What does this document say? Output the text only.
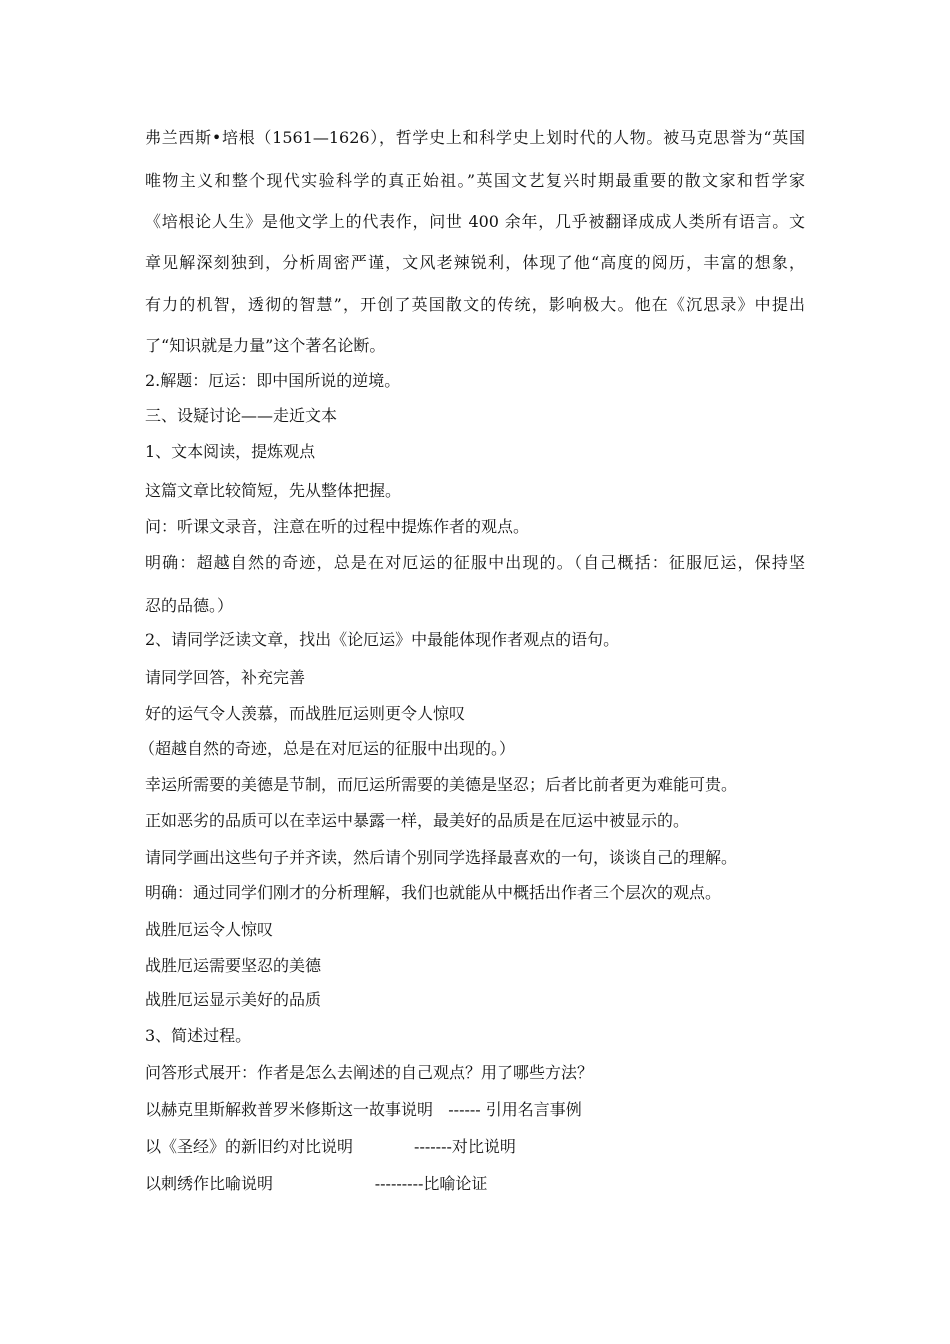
弗兰西斯•培根（1561—1626），哲学史上和科学史上划时代的人物。被马克思誉为“英国
唯物主义和整个现代实验科学的真正始祖。”英国文艺复兴时期最重要的散文家和哲学家
《培根论人生》是他文学上的代表作，问世 400 余年，几乎被翻译成成人类所有语言。文
章见解深刻独到，分析周密严谨，文风老辣锐利，体现了他“高度的阅历，丰富的想象，
有力的机智，透彻的智慧”，开创了英国散文的传统，影响极大。他在《沉思录》中提出
了“知识就是力量”这个著名论断。
2.解题：厄运：即中国所说的逆境。
三、设疑讨论——走近文本
1、文本阅读，提炼观点
这篇文章比较简短，先从整体把握。
问：听课文录音，注意在听的过程中提炼作者的观点。
明确：超越自然的奇迹，总是在对厄运的征服中出现的。（自己概括：征服厄运，保持坚
忍的品德。）
2、请同学泛读文章，找出《论厄运》中最能体现作者观点的语句。
请同学回答，补充完善
好的运气令人羡慕，而战胜厄运则更令人惊叹
（超越自然的奇迹，总是在对厄运的征服中出现的。）
幸运所需要的美德是节制，而厄运所需要的美德是坚忍；后者比前者更为难能可贵。
正如恶劣的品质可以在幸运中暴露一样，最美好的品质是在厄运中被显示的。
请同学画出这些句子并齐读，然后请个别同学选择最喜欢的一句，谈谈自己的理解。
明确：通过同学们刚才的分析理解，我们也就能从中概括出作者三个层次的观点。
战胜厄运令人惊叹
战胜厄运需要坚忍的美德
战胜厄运显示美好的品质
3、简述过程。
问答形式展开：作者是怎么去阐述的自己观点？用了哪些方法？
以赫克里斯解救普罗米修斯这一故事说明   ------ 引用名言事例
以《圣经》的新旧约对比说明            -------对比说明
以刺绣作比喻说明                    ---------比喻论证
